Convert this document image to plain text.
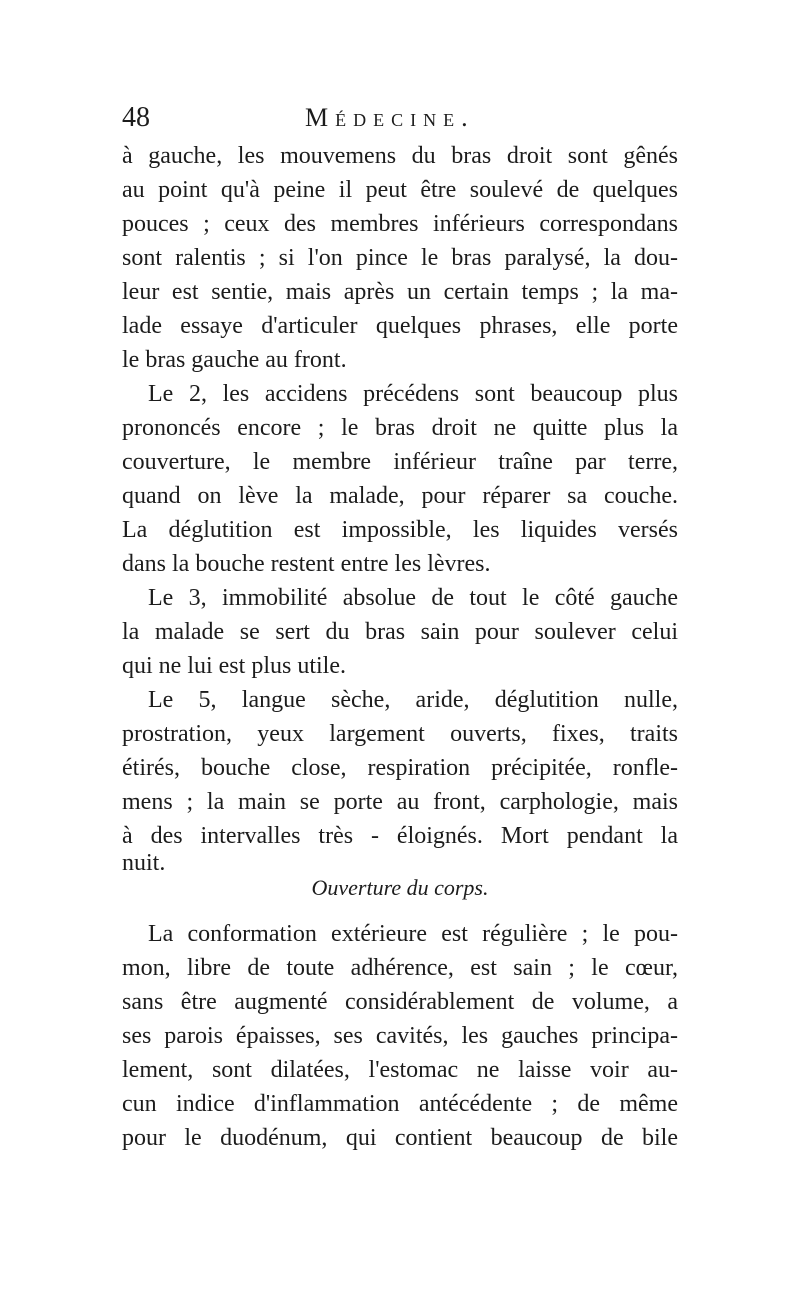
48	Médecine.
à gauche, les mouvemens du bras droit sont gênés
au point qu'à peine il peut être soulevé de quelques
pouces ; ceux des membres inférieurs correspondans
sont ralentis ; si l'on pince le bras paralysé, la dou-
leur est sentie, mais après un certain temps ; la ma-
lade essaye d'articuler quelques phrases, elle porte
le bras gauche au front.
Le 2, les accidens précédens sont beaucoup plus
prononcés encore ; le bras droit ne quitte plus la
couverture, le membre inférieur traîne par terre,
quand on lève la malade, pour réparer sa couche.
La déglutition est impossible, les liquides versés
dans la bouche restent entre les lèvres.
Le 3, immobilité absolue de tout le côté gauche
la malade se sert du bras sain pour soulever celui
qui ne lui est plus utile.
Le 5, langue sèche, aride, déglutition nulle,
prostration, yeux largement ouverts, fixes, traits
étirés, bouche close, respiration précipitée, ronfle-
mens ; la main se porte au front, carphologie, mais
à des intervalles très - éloignés. Mort pendant la
nuit.
Ouverture du corps.
La conformation extérieure est régulière ; le pou-
mon, libre de toute adhérence, est sain ; le cœur,
sans être augmenté considérablement de volume, a
ses parois épaisses, ses cavités, les gauches principa-
lement, sont dilatées, l'estomac ne laisse voir au-
cun indice d'inflammation antécédente ; de même
pour le duodénum, qui contient beaucoup de bile
